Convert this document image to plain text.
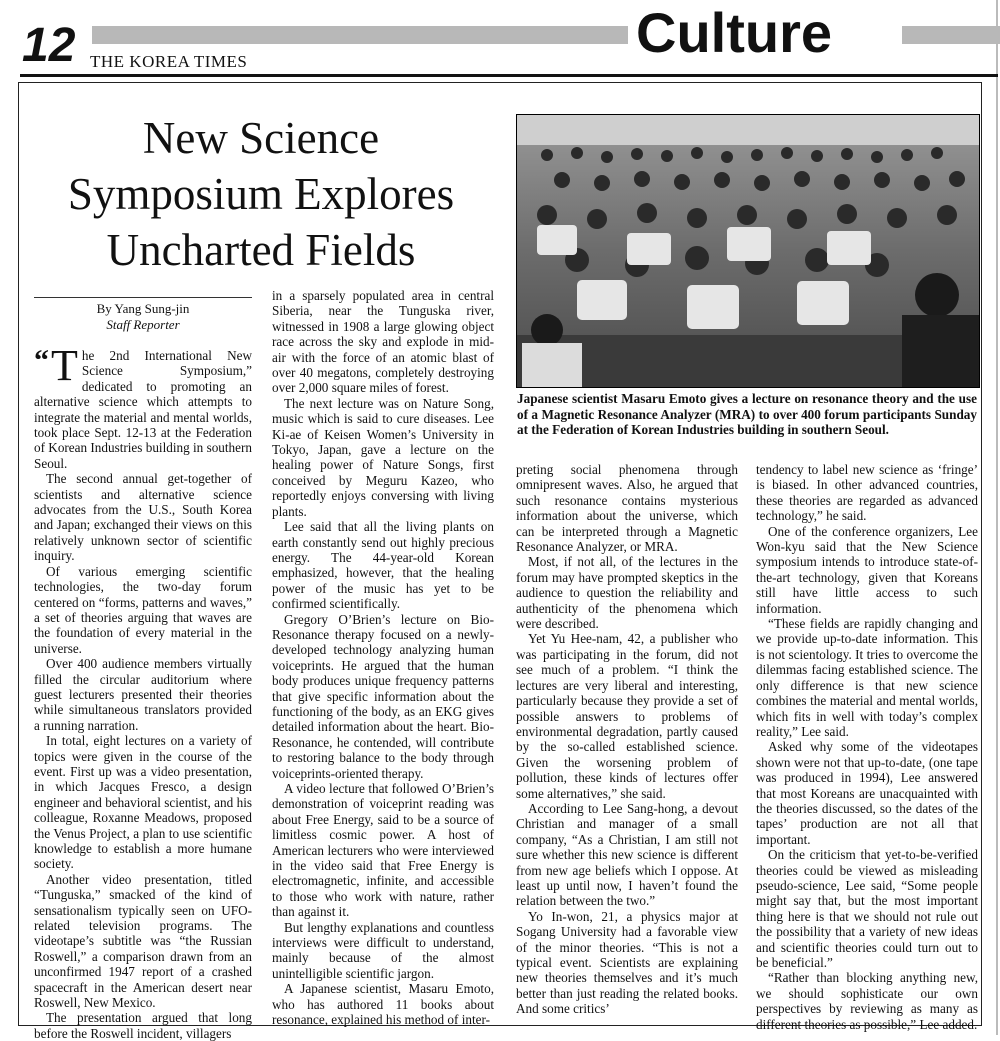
12 THE KOREA TIMES	Culture
New Science
Symposium Explores
Uncharted Fields
By Yang Sung-jin
Staff Reporter
Japanese scientist Masaru Emoto gives a lecture on resonance theory and the use of a Magnetic Resonance Analyzer (MRA) to over 400 forum participants Sunday at the Federation of Korean Industries building in southern Seoul.

“ T he 2nd International New Science Symposium,” dedicated to promoting an alternative science which attempts to integrate the material and mental worlds, took place Sept. 12-13 at the Federation of Korean Industries building in southern Seoul.

The second annual get-together of scientists and alternative science advocates from the U.S., South Korea and Japan; exchanged their views on this relatively unknown sector of scientific inquiry.

Of various emerging scientific technologies, the two-day forum centered on “forms, patterns and waves,” a set of theories arguing that waves are the foundation of every material in the universe.

Over 400 audience members virtually filled the circular auditorium where guest lecturers presented their theories while simultaneous translators provided a running narration.

In total, eight lectures on a variety of topics were given in the course of the event. First up was a video presentation, in which Jacques Fresco, a design engineer and behavioral scientist, and his colleague, Roxanne Meadows, proposed the Venus Project, a plan to use scientific knowledge to establish a more humane society.

Another video presentation, titled “Tunguska,” smacked of the kind of sensationalism typically seen on UFO-related television programs. The videotape’s subtitle was “the Russian Roswell,” a comparison drawn from an unconfirmed 1947 report of a crashed spacecraft in the American desert near Roswell, New Mexico.

The presentation argued that long before the Roswell incident, villagers

in a sparsely populated area in central Siberia, near the Tunguska river, witnessed in 1908 a large glowing object race across the sky and explode in mid-air with the force of an atomic blast of over 40 megatons, completely destroying over 2,000 square miles of forest.

The next lecture was on Nature Song, music which is said to cure diseases. Lee Ki-ae of Keisen Women’s University in Tokyo, Japan, gave a lecture on the healing power of Nature Songs, first conceived by Meguru Kazeo, who reportedly enjoys conversing with living plants.

Lee said that all the living plants on earth constantly send out highly precious energy. The 44-year-old Korean emphasized, however, that the healing power of the music has yet to be confirmed scientifically.

Gregory O’Brien’s lecture on Bio-Resonance therapy focused on a newly-developed technology analyzing human voiceprints. He argued that the human body produces unique frequency patterns that give specific information about the functioning of the body, as an EKG gives detailed information about the heart. Bio-Resonance, he contended, will contribute to restoring balance to the body through voiceprints-oriented therapy.

A video lecture that followed O’Brien’s demonstration of voiceprint reading was about Free Energy, said to be a source of limitless cosmic power. A host of American lecturers who were interviewed in the video said that Free Energy is electromagnetic, infinite, and accessible to those who work with nature, rather than against it.

But lengthy explanations and countless interviews were difficult to understand, mainly because of the almost unintelligible scientific jargon.

A Japanese scientist, Masaru Emoto, who has authored 11 books about resonance, explained his method of inter-

preting social phenomena through omnipresent waves. Also, he argued that such resonance contains mysterious information about the universe, which can be interpreted through a Magnetic Resonance Analyzer, or MRA.

Most, if not all, of the lectures in the forum may have prompted skeptics in the audience to question the reliability and authenticity of the phenomena which were described.

Yet Yu Hee-nam, 42, a publisher who was participating in the forum, did not see much of a problem. “I think the lectures are very liberal and interesting, particularly because they provide a set of possible answers to problems of environmental degradation, partly caused by the so-called established science. Given the worsening problem of pollution, these kinds of lectures offer some alternatives,” she said.

According to Lee Sang-hong, a devout Christian and manager of a small company, “As a Christian, I am still not sure whether this new science is different from new age beliefs which I oppose. At least up until now, I haven’t found the relation between the two.”

Yo In-won, 21, a physics major at Sogang University had a favorable view of the minor theories. “This is not a typical event. Scientists are explaining new theories themselves and it’s much better than just reading the related books. And some critics’

tendency to label new science as ‘fringe’ is biased. In other advanced countries, these theories are regarded as advanced technology,” he said.

One of the conference organizers, Lee Won-kyu said that the New Science symposium intends to introduce state-of-the-art technology, given that Koreans still have little access to such information.

“These fields are rapidly changing and we provide up-to-date information. This is not scientology. It tries to overcome the dilemmas facing established science. The only difference is that new science combines the material and mental worlds, which fits in well with today’s complex reality,” Lee said.

Asked why some of the videotapes shown were not that up-to-date, (one tape was produced in 1994), Lee answered that most Koreans are unacquainted with the theories discussed, so the dates of the tapes’ production are not all that important.

On the criticism that yet-to-be-verified theories could be viewed as misleading pseudo-science, Lee said, “Some people might say that, but the most important thing here is that we should not rule out the possibility that a variety of new ideas and scientific theories could turn out to be beneficial.”

“Rather than blocking anything new, we should sophisticate our own perspectives by reviewing as many as different theories as possible,” Lee added.
